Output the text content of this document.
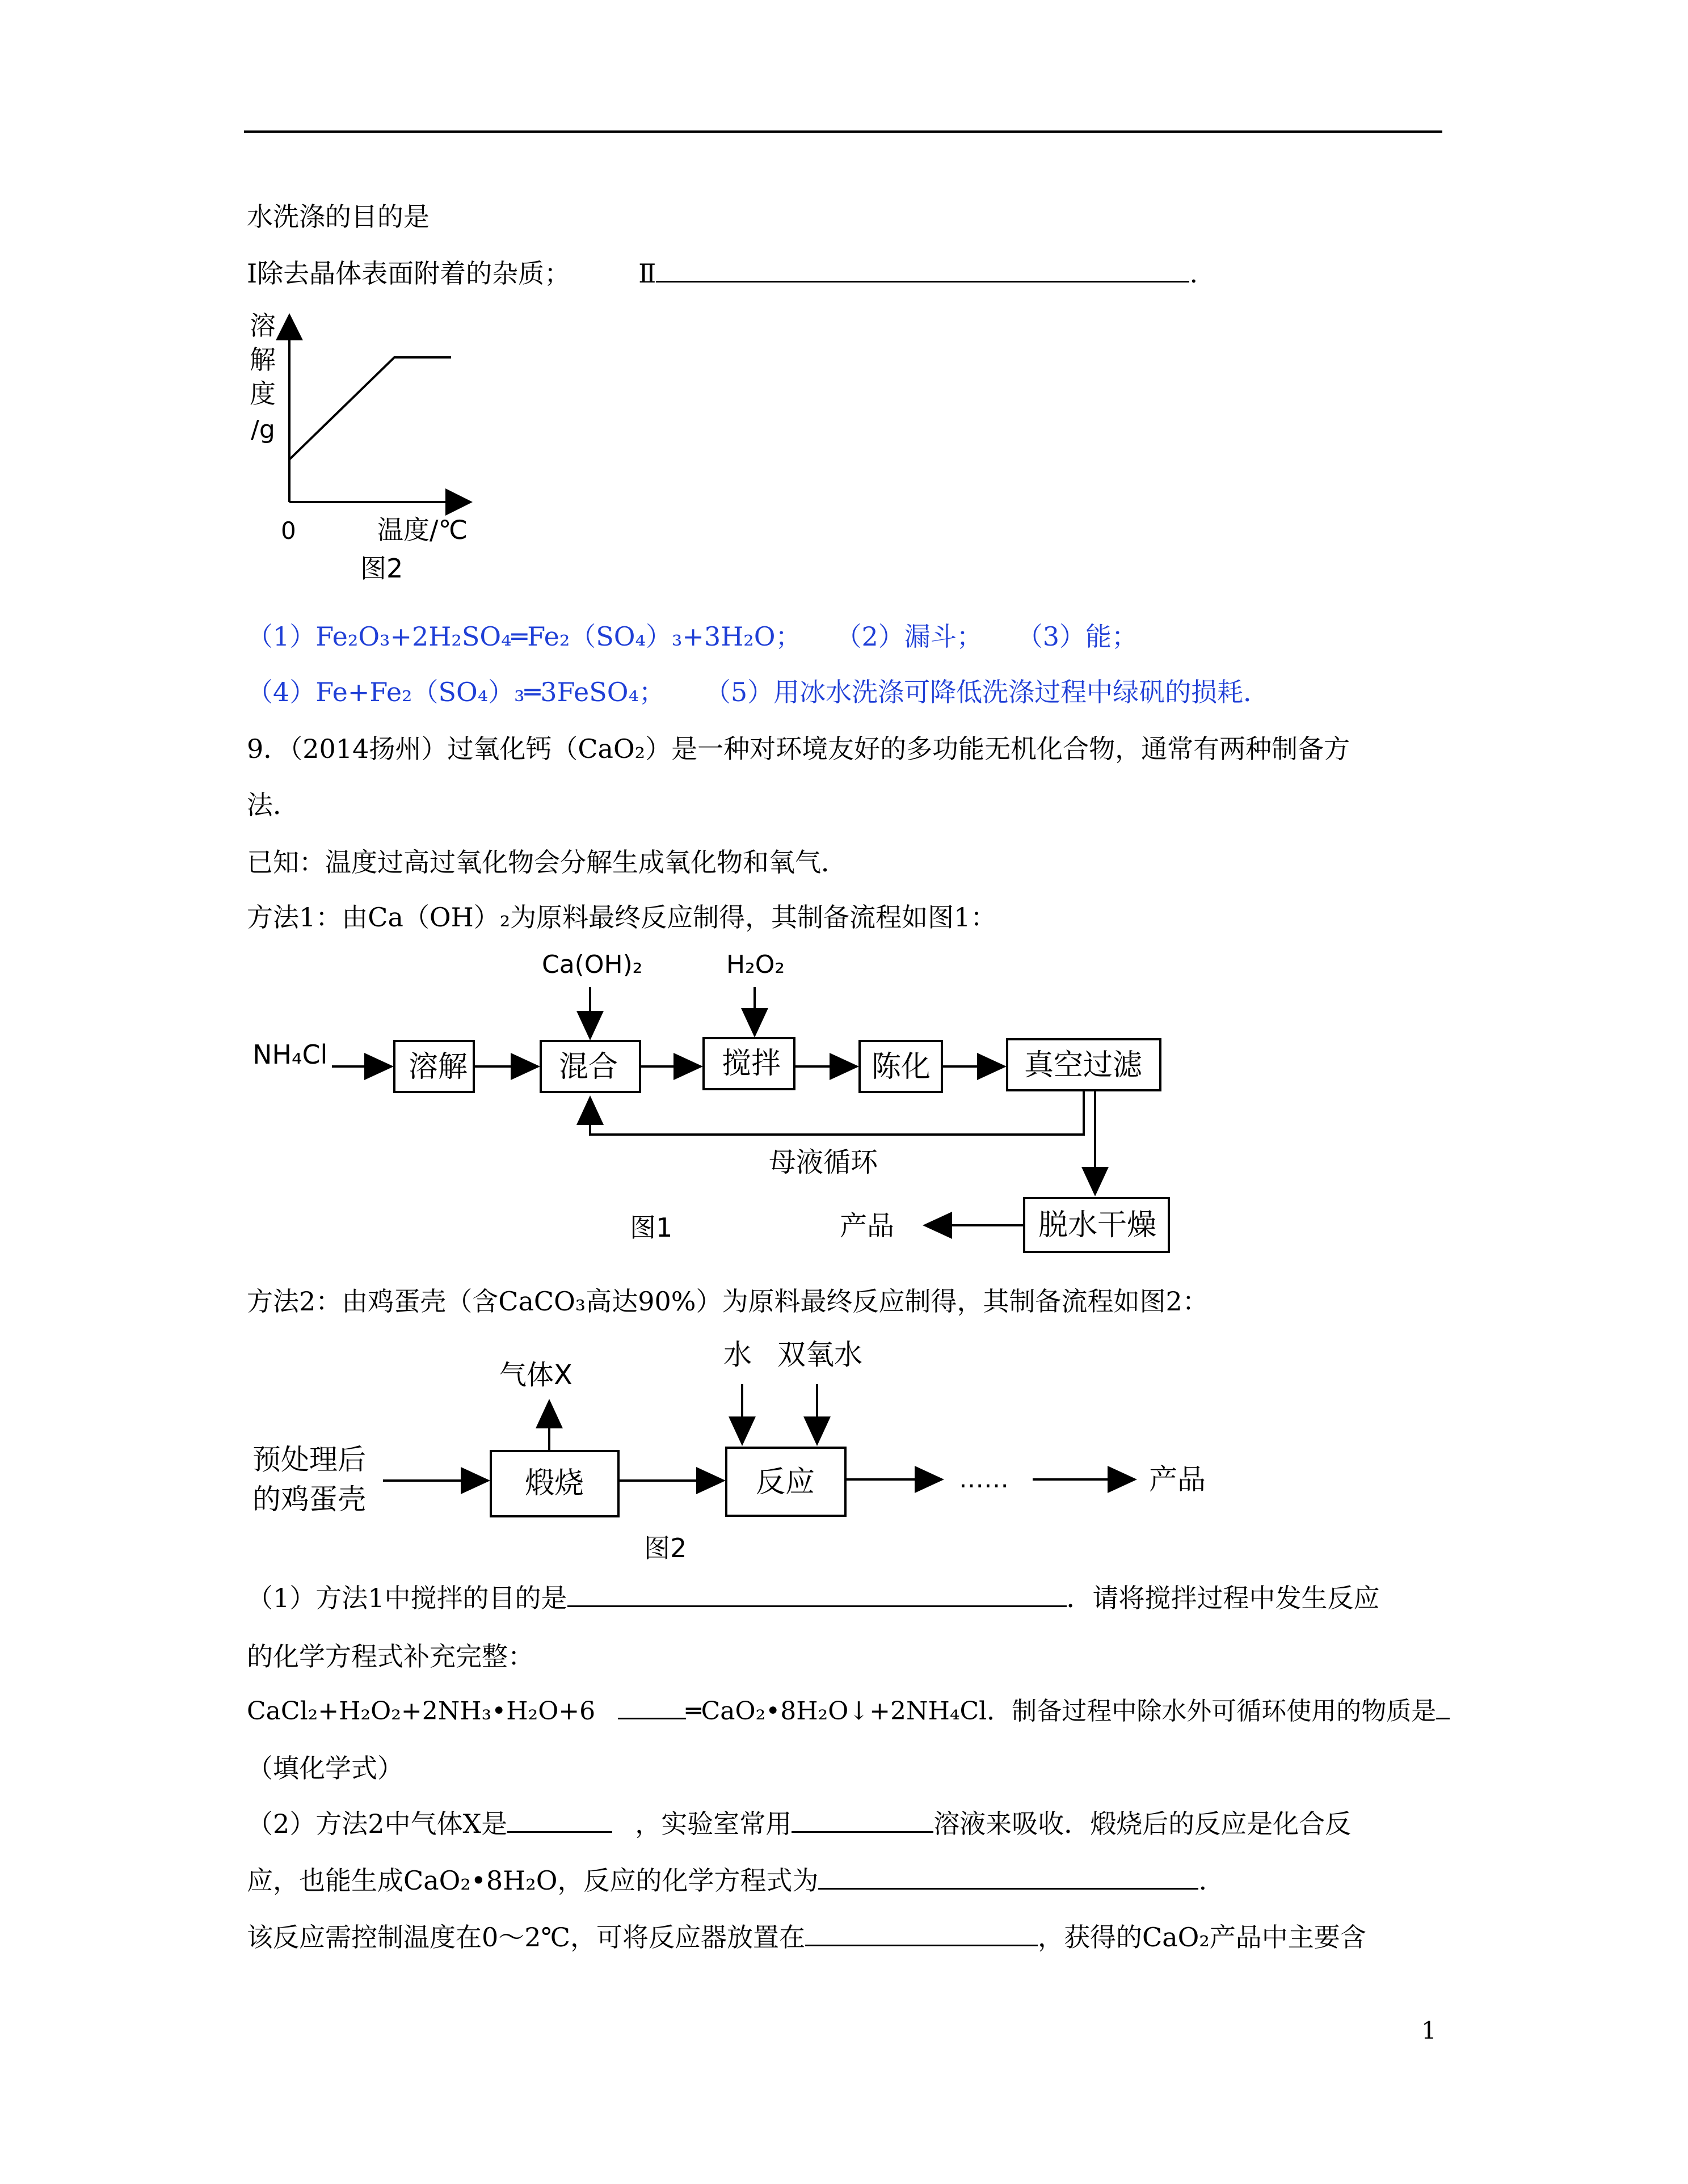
水洗涤的目的是
Ⅰ除去晶体表面附着的杂质；	Ⅱ	.
溶
解
度
/g
0	温度/℃
图2
（1）Fe₂O₃+2H₂SO₄═Fe₂（SO₄）₃+3H₂O； （2）漏斗； （3）能；
（4）Fe+Fe₂（SO₄）₃═3FeSO₄； （5）用冰水洗涤可降低洗涤过程中绿矾的损耗．
9．（2014扬州）过氧化钙（CaO₂）是一种对环境友好的多功能无机化合物，通常有两种制备方
法．
已知：温度过高过氧化物会分解生成氧化物和氧气．
方法1：由Ca（OH）₂为原料最终反应制得，其制备流程如图1：
NH₄Cl	溶解	混合
Ca(OH)₂
搅拌
H₂O₂
陈化	真空过滤
母液循环
脱水干燥
产品
图1
方法2：由鸡蛋壳（含CaCO₃高达90%）为原料最终反应制得，其制备流程如图2：
预处理后
的鸡蛋壳	煅烧
气体X
反应
水 双氧水
……	产品
图2
（1）方法1中搅拌的目的是	．请将搅拌过程中发生反应
的化学方程式补充完整：
CaCl₂+H₂O₂+2NH₃•H₂O+6	═CaO₂•8H₂O↓+2NH₄Cl．制备过程中除水外可循环使用的物质是
（填化学式）
（2）方法2中气体X是	，实验室常用	溶液来吸收．煅烧后的反应是化合反
应，也能生成CaO₂•8H₂O，反应的化学方程式为	.
该反应需控制温度在0～2℃，可将反应器放置在	，获得的CaO₂产品中主要含
1
